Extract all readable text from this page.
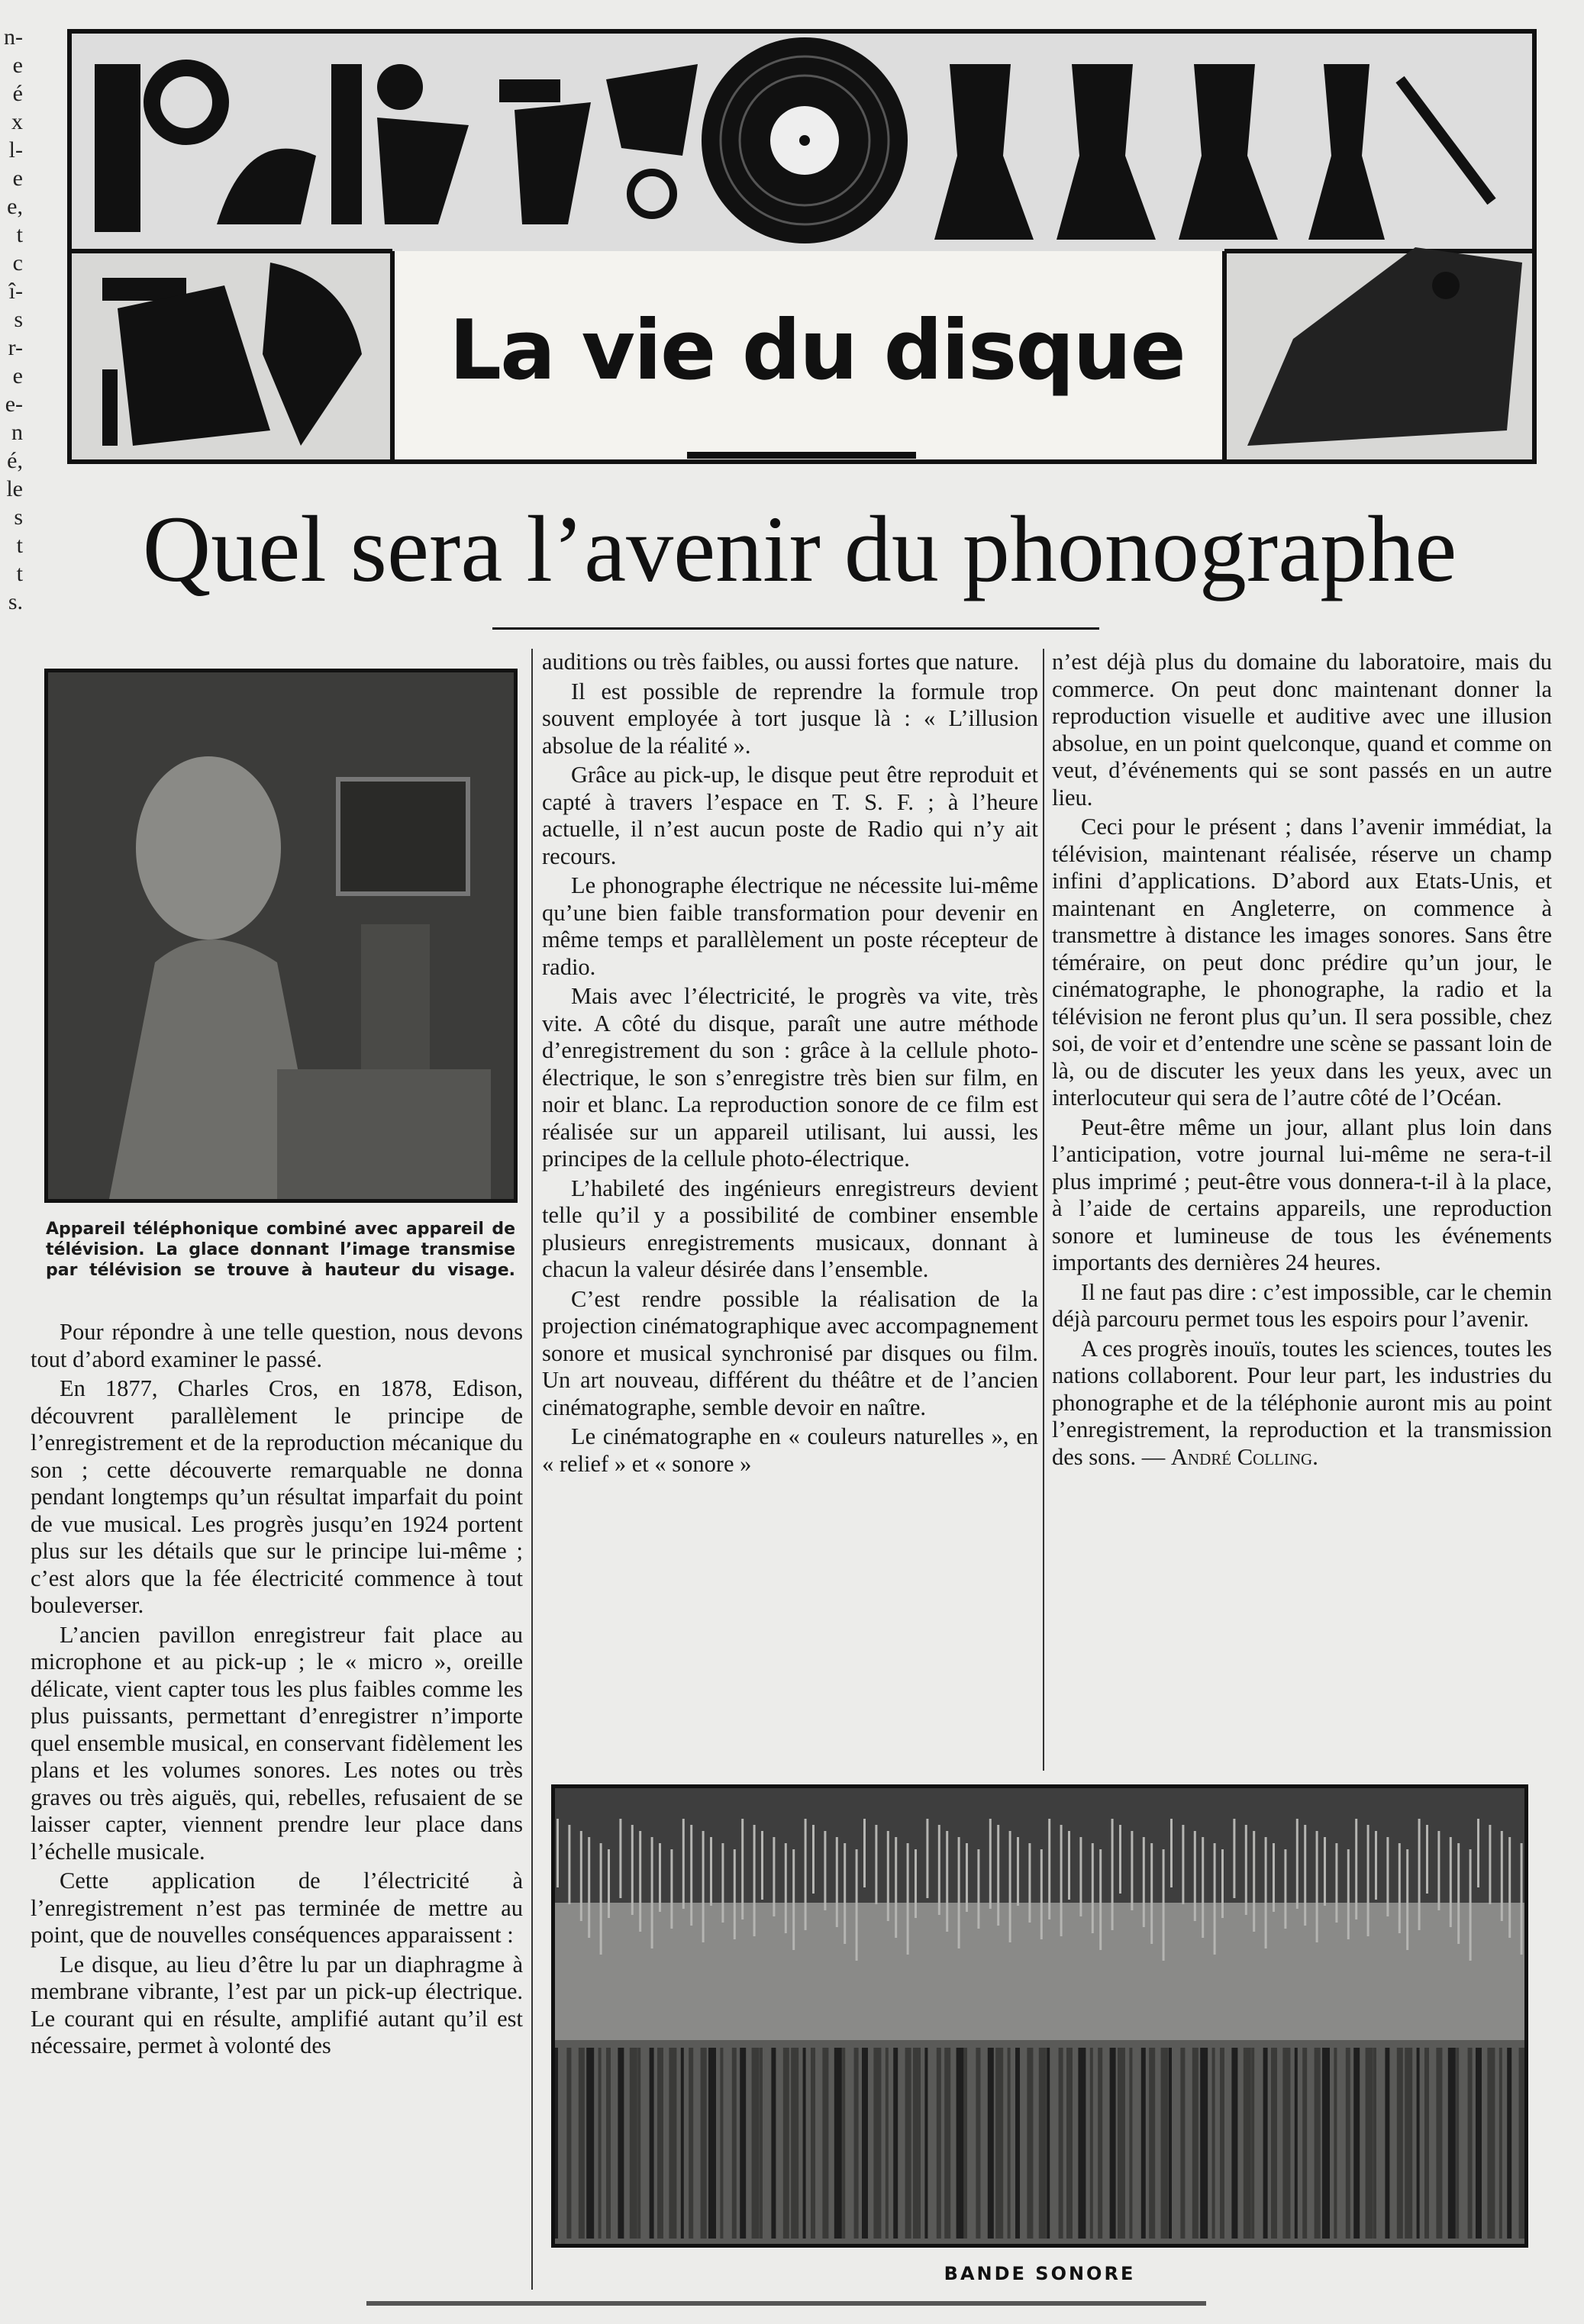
n-
e
é
x
l-
e
e,
t
c
î-
s
r-
e
e-
n
é,
le
s
t
t
s.
La vie du disque
Quel sera l’avenir du phonographe
Appareil téléphonique combiné avec appareil de télévision. La glace donnant l’image transmise par télévision se trouve à hauteur du visage.

Pour répondre à une telle question, nous devons tout d’abord examiner le passé.

En 1877, Charles Cros, en 1878, Edison, découvrent parallèlement le principe de l’enregistrement et de la reproduction mécanique du son ; cette découverte remarquable ne donna pendant longtemps qu’un résultat imparfait du point de vue musical. Les progrès jusqu’en 1924 portent plus sur les détails que sur le principe lui-même ; c’est alors que la fée électricité commence à tout bouleverser.

L’ancien pavillon enregistreur fait place au microphone et au pick-up ; le « micro », oreille délicate, vient capter tous les plus faibles comme les plus puissants, permettant d’enregistrer n’importe quel ensemble musical, en conservant fidèlement les plans et les volumes sonores. Les notes ou très graves ou très aiguës, qui, rebelles, refusaient de se laisser capter, viennent prendre leur place dans l’échelle musicale.

Cette application de l’électricité à l’enregistrement n’est pas terminée de mettre au point, que de nouvelles conséquences apparaissent :

Le disque, au lieu d’être lu par un diaphragme à membrane vibrante, l’est par un pick-up électrique. Le courant qui en résulte, amplifié autant qu’il est nécessaire, permet à volonté des

auditions ou très faibles, ou aussi fortes que nature.

Il est possible de reprendre la formule trop souvent employée à tort jusque là : « L’illusion absolue de la réalité ».

Grâce au pick-up, le disque peut être reproduit et capté à travers l’espace en T. S. F. ; à l’heure actuelle, il n’est aucun poste de Radio qui n’y ait recours.

Le phonographe électrique ne nécessite lui-même qu’une bien faible transformation pour devenir en même temps et parallèlement un poste récepteur de radio.

Mais avec l’électricité, le progrès va vite, très vite. A côté du disque, paraît une autre méthode d’enregistrement du son : grâce à la cellule photo-électrique, le son s’enregistre très bien sur film, en noir et blanc. La reproduction sonore de ce film est réalisée sur un appareil utilisant, lui aussi, les principes de la cellule photo-électrique.

L’habileté des ingénieurs enregistreurs devient telle qu’il y a possibilité de combiner ensemble plusieurs enregistrements musicaux, donnant à chacun la valeur désirée dans l’ensemble.

C’est rendre possible la réalisation de la projection cinématographique avec accompagnement sonore et musical synchronisé par disques ou film. Un art nouveau, différent du théâtre et de l’ancien cinématographe, semble devoir en naître.

Le cinématographe en « couleurs naturelles », en « relief » et « sonore »

n’est déjà plus du domaine du laboratoire, mais du commerce. On peut donc maintenant donner la reproduction visuelle et auditive avec une illusion absolue, en un point quelconque, quand et comme on veut, d’événements qui se sont passés en un autre lieu.

Ceci pour le présent ; dans l’avenir immédiat, la télévision, maintenant réalisée, réserve un champ infini d’applications. D’abord aux Etats-Unis, et maintenant en Angleterre, on commence à transmettre à distance les images sonores. Sans être téméraire, on peut donc prédire qu’un jour, le cinématographe, le phonographe, la radio et la télévision ne feront plus qu’un. Il sera possible, chez soi, de voir et d’entendre une scène se passant loin de là, ou de discuter les yeux dans les yeux, avec un interlocuteur qui sera de l’autre côté de l’Océan.

Peut-être même un jour, allant plus loin dans l’anticipation, votre journal lui-même ne sera-t-il plus imprimé ; peut-être vous donnera-t-il à la place, à l’aide de certains appareils, une reproduction sonore et lumineuse de tous les événements importants des dernières 24 heures.

Il ne faut pas dire : c’est impossible, car le chemin déjà parcouru permet tous les espoirs pour l’avenir.

A ces progrès inouïs, toutes les sciences, toutes les nations collaborent. Pour leur part, les industries du phonographe et de la téléphonie auront mis au point l’enregistrement, la reproduction et la transmission des sons. — André Colling.

BANDE SONORE
